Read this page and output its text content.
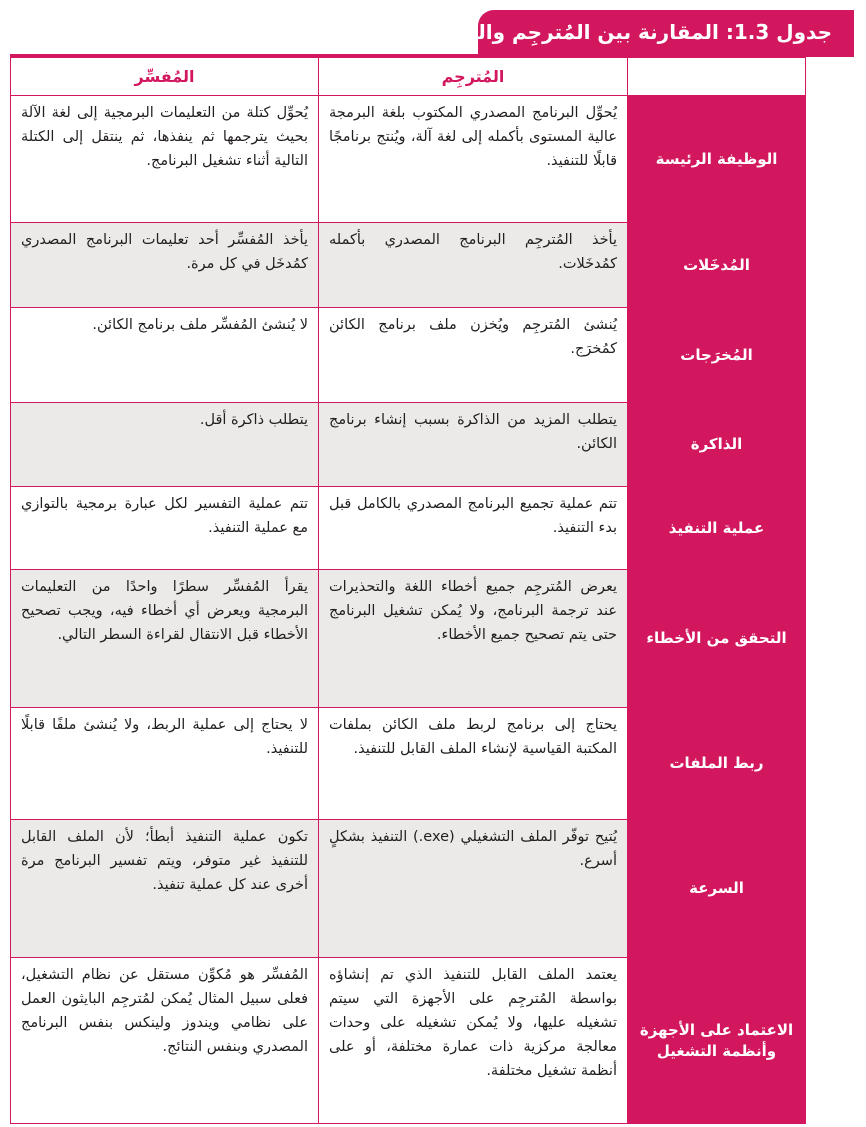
جدول 1.3: المقارنة بين المُترجِم والمُفسِّر
	المُترجِم	المُفسِّر
الوظيفة الرئيسة	يُحوِّل البرنامج المصدري المكتوب بلغة البرمجة عالية المستوى بأكمله إلى لغة آلة، ويُنتج برنامجًا قابلًا للتنفيذ.	يُحوِّل كتلة من التعليمات البرمجية إلى لغة الآلة بحيث يترجمها ثم ينفذها، ثم ينتقل إلى الكتلة التالية أثناء تشغيل البرنامج.
المُدخَلات	يأخذ المُترجِم البرنامج المصدري بأكمله كمُدخَلات.	يأخذ المُفسِّر أحد تعليمات البرنامج المصدري كمُدخَل في كل مرة.
المُخرَجات	يُنشئ المُترجِم ويُخزن ملف برنامج الكائن كمُخرَج.	لا يُنشئ المُفسِّر ملف برنامج الكائن.
الذاكرة	يتطلب المزيد من الذاكرة بسبب إنشاء برنامج الكائن.	يتطلب ذاكرة أقل.
عملية التنفيذ	تتم عملية تجميع البرنامج المصدري بالكامل قبل بدء التنفيذ.	تتم عملية التفسير لكل عبارة برمجية بالتوازي مع عملية التنفيذ.
التحقق من الأخطاء	يعرض المُترجِم جميع أخطاء اللغة والتحذيرات عند ترجمة البرنامج، ولا يُمكن تشغيل البرنامج حتى يتم تصحيح جميع الأخطاء.	يقرأ المُفسِّر سطرًا واحدًا من التعليمات البرمجية ويعرض أي أخطاء فيه، ويجب تصحيح الأخطاء قبل الانتقال لقراءة السطر التالي.
ربط الملفات	يحتاج إلى برنامج لربط ملف الكائن بملفات المكتبة القياسية لإنشاء الملف القابل للتنفيذ.	لا يحتاج إلى عملية الربط، ولا يُنشئ ملفًا قابلًا للتنفيذ.
السرعة	يُتيح توفّر الملف التشغيلي (exe.) التنفيذ بشكلٍ أسرع.	تكون عملية التنفيذ أبطأ؛ لأن الملف القابل للتنفيذ غير متوفر، ويتم تفسير البرنامج مرة أخرى عند كل عملية تنفيذ.
الاعتماد على الأجهزة وأنظمة التشغيل	يعتمد الملف القابل للتنفيذ الذي تم إنشاؤه بواسطة المُترجِم على الأجهزة التي سيتم تشغيله عليها، ولا يُمكن تشغيله على وحدات معالجة مركزية ذات عمارة مختلفة، أو على أنظمة تشغيل مختلفة.	المُفسِّر هو مُكوِّن مستقل عن نظام التشغيل، فعلى سبيل المثال يُمكن لمُترجِم البايثون العمل على نظامي ويندوز ولينكس بنفس البرنامج المصدري وبنفس النتائج.
